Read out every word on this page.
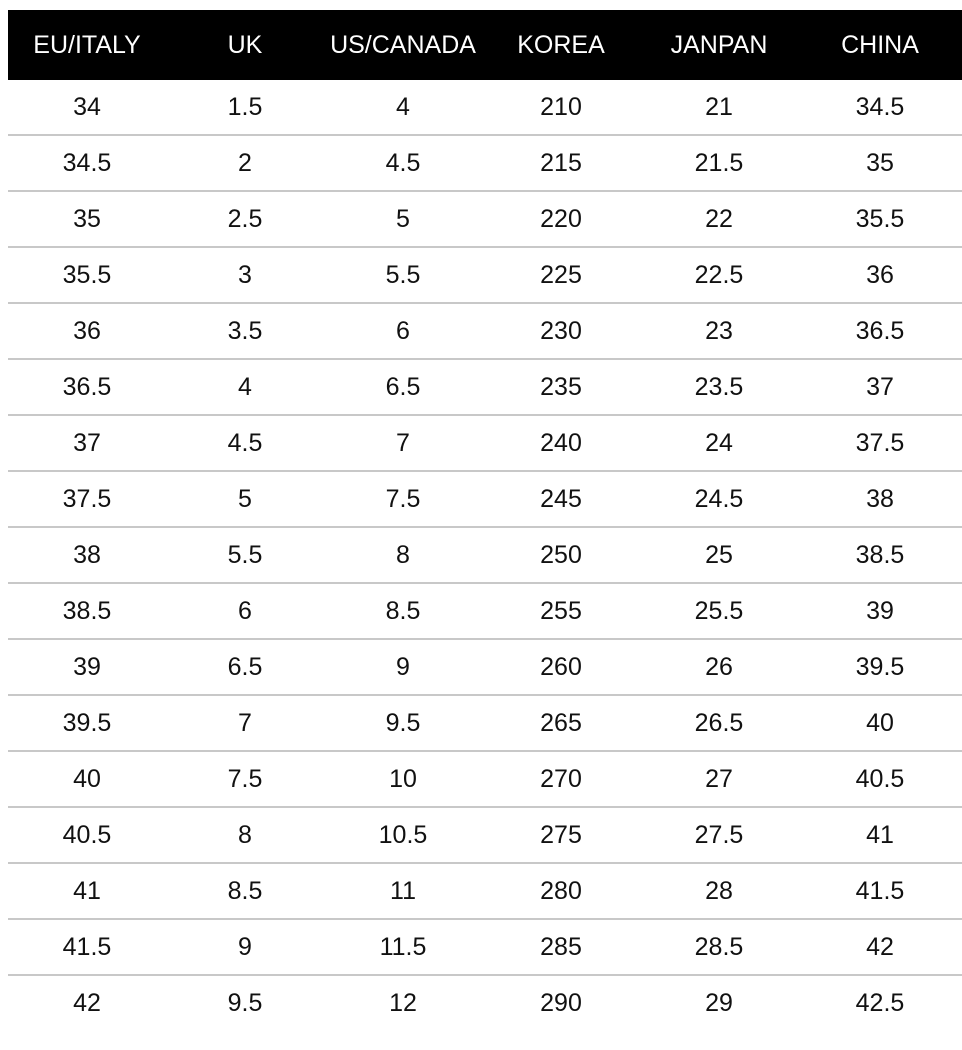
EU/ITALY	UK	US/CANADA	KOREA	JANPAN	CHINA
34	1.5	4	210	21	34.5
34.5	2	4.5	215	21.5	35
35	2.5	5	220	22	35.5
35.5	3	5.5	225	22.5	36
36	3.5	6	230	23	36.5
36.5	4	6.5	235	23.5	37
37	4.5	7	240	24	37.5
37.5	5	7.5	245	24.5	38
38	5.5	8	250	25	38.5
38.5	6	8.5	255	25.5	39
39	6.5	9	260	26	39.5
39.5	7	9.5	265	26.5	40
40	7.5	10	270	27	40.5
40.5	8	10.5	275	27.5	41
41	8.5	11	280	28	41.5
41.5	9	11.5	285	28.5	42
42	9.5	12	290	29	42.5
